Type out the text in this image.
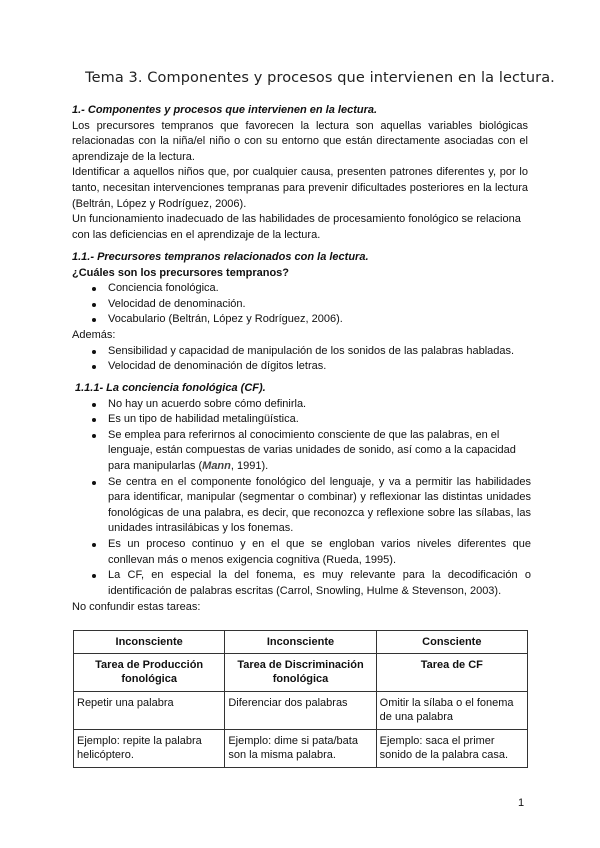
Tema 3. Componentes y procesos que intervienen en la lectura.
1.- Componentes y procesos que intervienen en la lectura.

Los precursores tempranos que favorecen la lectura son aquellas variables biológicas relacionadas con la niña/el niño o con su entorno que están directamente asociadas con el aprendizaje de la lectura.

Identificar a aquellos niños que, por cualquier causa, presenten patrones diferentes y, por lo tanto, necesitan intervenciones tempranas para prevenir dificultades posteriores en la lectura (Beltrán, López y Rodríguez, 2006).

Un funcionamiento inadecuado de las habilidades de procesamiento fonológico se relaciona con las deficiencias en el aprendizaje de la lectura.

1.1.- Precursores tempranos relacionados con la lectura.
¿Cuáles son los precursores tempranos?
Conciencia fonológica.
Velocidad de denominación.
Vocabulario (Beltrán, López y Rodríguez, 2006).
Además:
Sensibilidad y capacidad de manipulación de los sonidos de las palabras habladas.
Velocidad de denominación de dígitos letras.
1.1.1- La conciencia fonológica (CF).
No hay un acuerdo sobre cómo definirla.
Es un tipo de habilidad metalingüística.
Se emplea para referirnos al conocimiento consciente de que las palabras, en el lenguaje, están compuestas de varias unidades de sonido, así como a la capacidad para manipularlas (Mann, 1991).
Se centra en el componente fonológico del lenguaje, y va a permitir las habilidades para identificar, manipular (segmentar o combinar) y reflexionar las distintas unidades fonológicas de una palabra, es decir, que reconozca y reflexione sobre las sílabas, las unidades intrasilábicas y los fonemas.
Es un proceso continuo y en el que se engloban varios niveles diferentes que conllevan más o menos exigencia cognitiva (Rueda, 1995).
La CF, en especial la del fonema, es muy relevante para la decodificación o identificación de palabras escritas (Carrol, Snowling, Hulme & Stevenson, 2003).
No confundir estas tareas:
Inconsciente	Inconsciente	Consciente
Tarea de Producción fonológica	Tarea de Discriminación fonológica	Tarea de CF
Repetir una palabra	Diferenciar dos palabras	Omitir la sílaba o el fonema de una palabra
Ejemplo: repite la palabra helicóptero.	Ejemplo: dime si pata/bata son la misma palabra.	Ejemplo: saca el primer sonido de la palabra casa.
1
